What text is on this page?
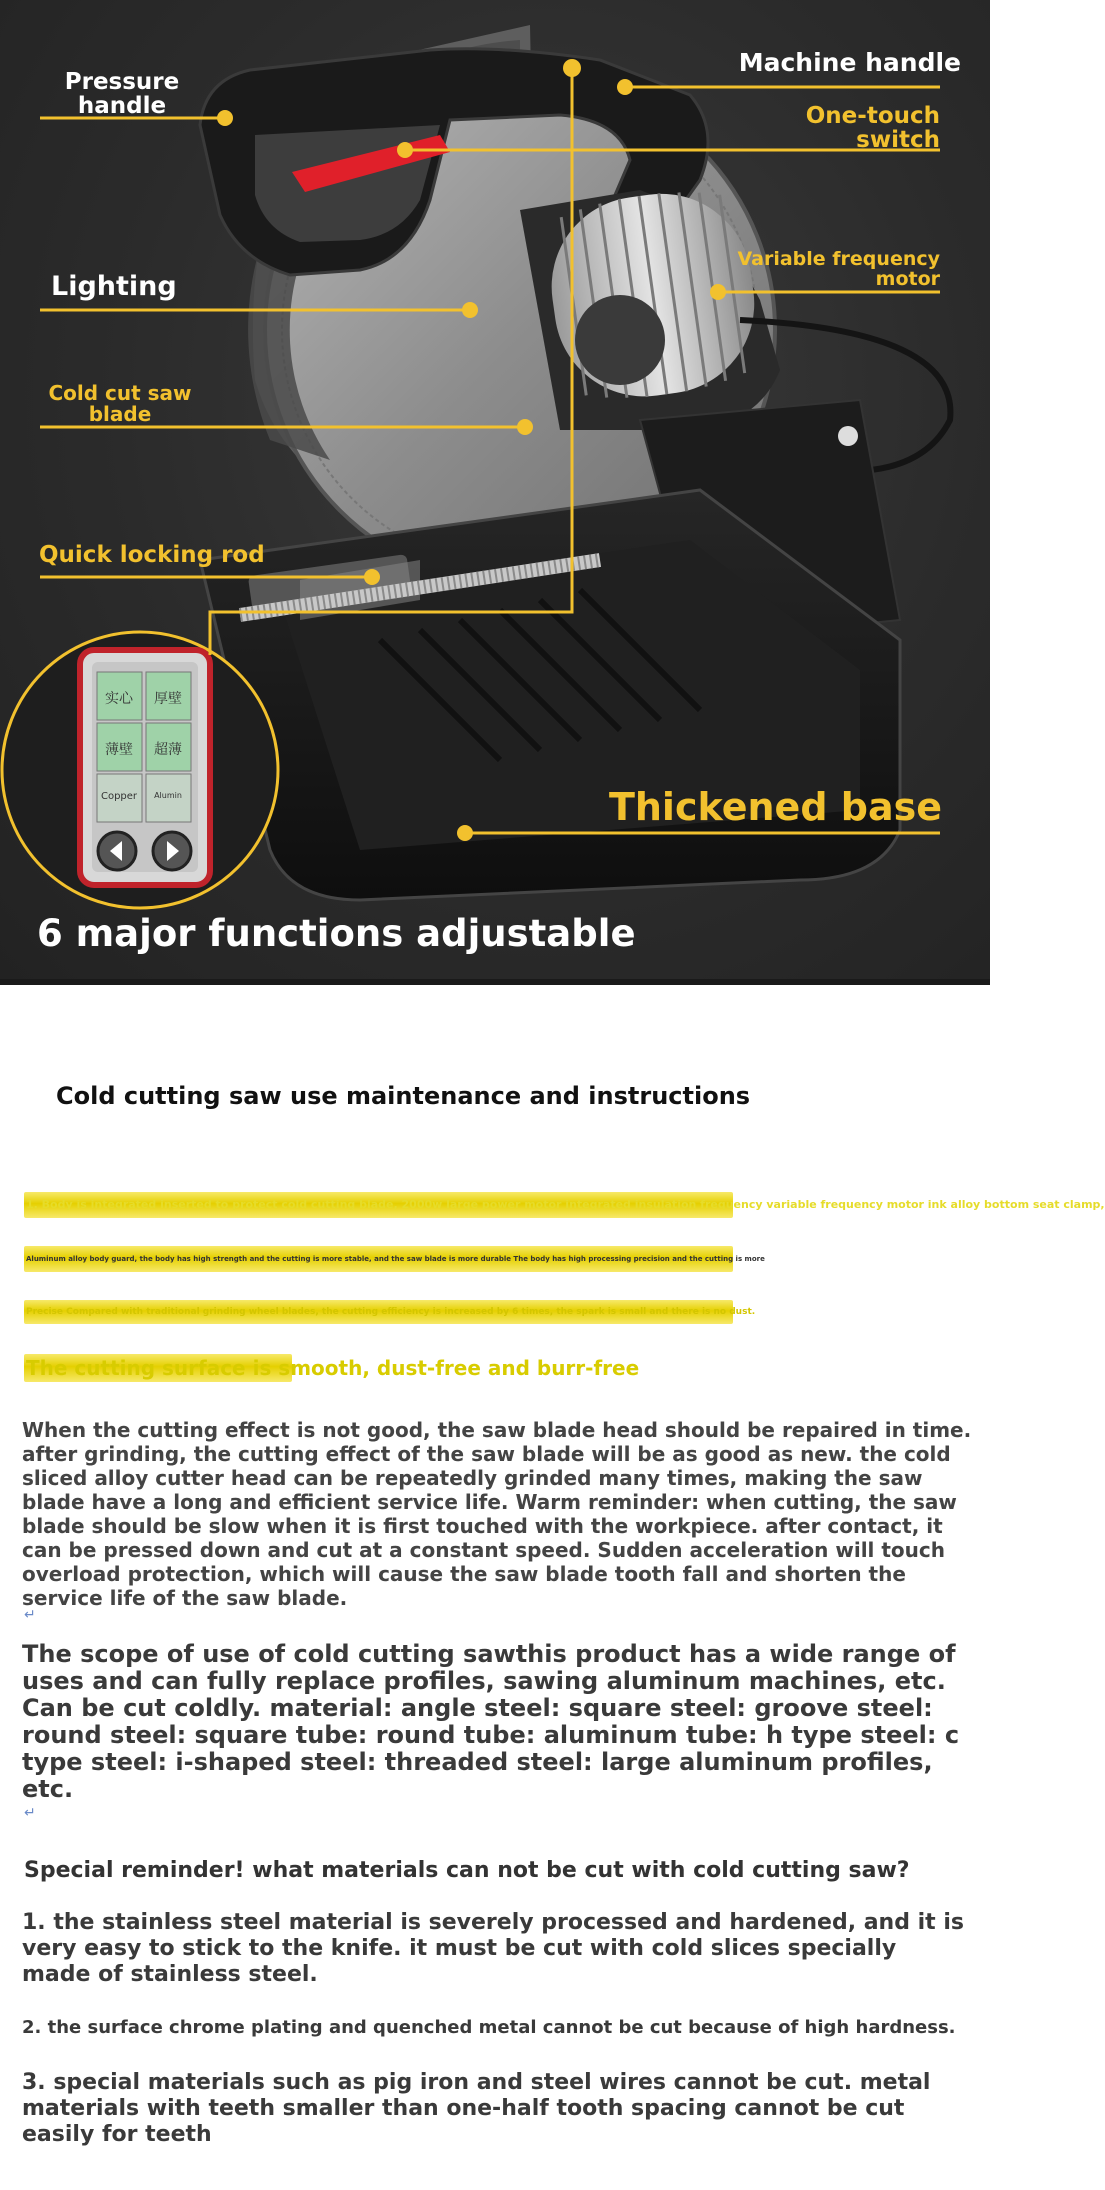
实心	厚壁
薄壁	超薄
Copper	Alumin
Pressure handle
Machine handle
One-touch switch
Lighting
Variable frequency motor
Cold cut saw blade
Quick locking rod
Thickened base
6 major functions adjustable
Cold cutting saw use maintenance and instructions
1. Body is integrated inserted to protect cold cutting blade, 2000w large power motor integrated insulation frequency variable frequency motor ink alloy bottom seat clamp,
Aluminum alloy body guard, the body has high strength and the cutting is more stable, and the saw blade is more durable The body has high processing precision and the cutting is more
Precise Compared with traditional grinding wheel blades, the cutting efficiency is increased by 6 times, the spark is small and there is no dust.
The cutting surface is smooth, dust-free and burr-free
When the cutting effect is not good, the saw blade head should be repaired in time. after grinding, the cutting effect of the saw blade will be as good as new. the cold sliced alloy cutter head can be repeatedly grinded many times, making the saw blade have a long and efficient service life. Warm reminder: when cutting, the saw blade should be slow when it is first touched with the workpiece. after contact, it can be pressed down and cut at a constant speed. Sudden acceleration will touch overload protection, which will cause the saw blade tooth fall and shorten the service life of the saw blade.
↵
The scope of use of cold cutting sawthis product has a wide range of uses and can fully replace profiles, sawing aluminum machines, etc. Can be cut coldly. material: angle steel: square steel: groove steel: round steel: square tube: round tube: aluminum tube: h type steel: c type steel: i-shaped steel: threaded steel: large aluminum profiles, etc.
↵
Special reminder! what materials can not be cut with cold cutting saw?
1. the stainless steel material is severely processed and hardened, and it is very easy to stick to the knife. it must be cut with cold slices specially made of stainless steel.
2. the surface chrome plating and quenched metal cannot be cut because of high hardness.
3. special materials such as pig iron and steel wires cannot be cut. metal materials with teeth smaller than one-half tooth spacing cannot be cut easily for teeth
